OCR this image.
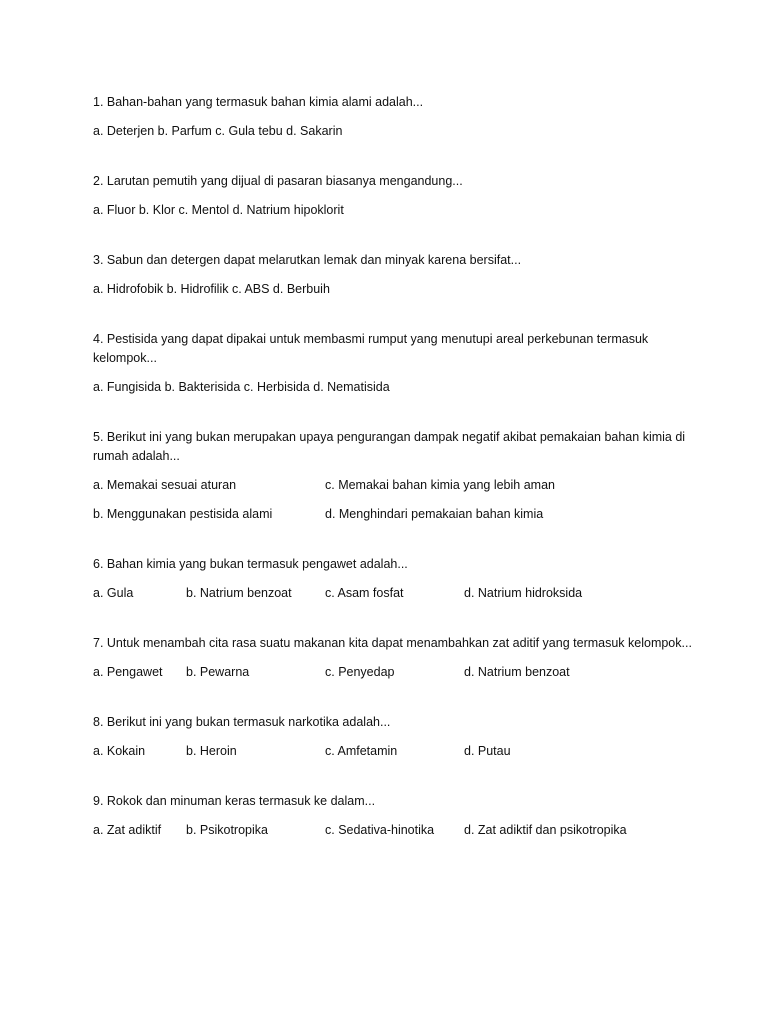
1. Bahan-bahan yang termasuk bahan kimia alami adalah...

a. Deterjen b. Parfum c. Gula tebu d. Sakarin

2. Larutan pemutih yang dijual di pasaran biasanya mengandung...

a. Fluor b. Klor c. Mentol d. Natrium hipoklorit

3. Sabun dan detergen dapat melarutkan lemak dan minyak karena bersifat...

a. Hidrofobik b. Hidrofilik c. ABS d. Berbuih

4. Pestisida yang dapat dipakai untuk membasmi rumput yang menutupi areal perkebunan termasuk kelompok...

a. Fungisida b. Bakterisida c. Herbisida d. Nematisida

5. Berikut ini yang bukan merupakan upaya pengurangan dampak negatif akibat pemakaian bahan kimia di rumah adalah...

a. Memakai sesuai aturan	c. Memakai bahan kimia yang lebih aman
b. Menggunakan pestisida alami	d. Menghindari pemakaian bahan kimia

6. Bahan kimia yang bukan termasuk pengawet adalah...

a. Gula	b. Natrium benzoat	c. Asam fosfat	d. Natrium hidroksida

7. Untuk menambah cita rasa suatu makanan kita dapat menambahkan zat aditif yang termasuk kelompok...

a. Pengawet	b. Pewarna	c. Penyedap	d. Natrium benzoat

8. Berikut ini yang bukan termasuk narkotika adalah...

a. Kokain	b. Heroin	c. Amfetamin	d. Putau

9. Rokok dan minuman keras termasuk ke dalam...

a. Zat adiktif	b. Psikotropika	c. Sedativa-hinotika	d. Zat adiktif dan psikotropika
